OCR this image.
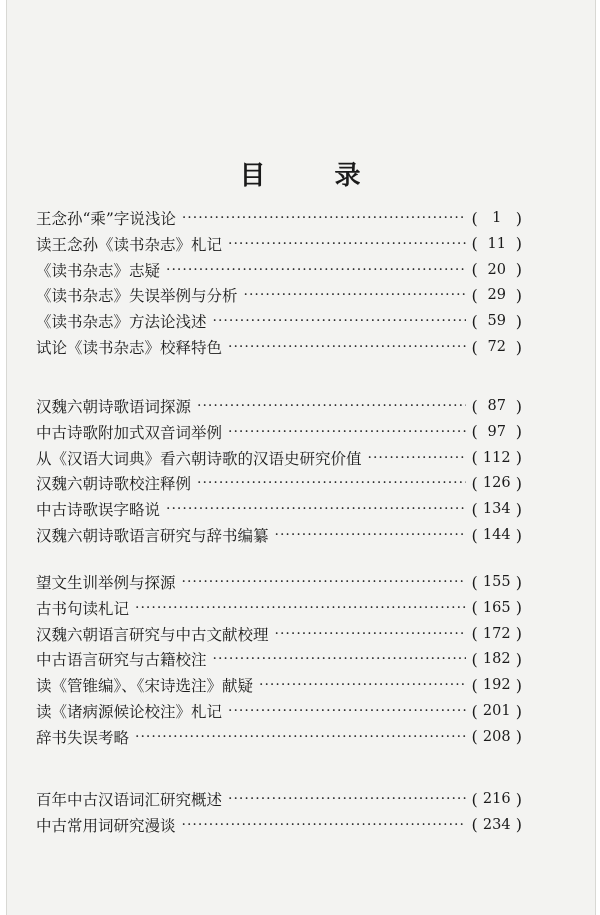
目 录
王念孙“乘”字说浅论 ·····	( 1 )
读王念孙《读书杂志》札记 ·····	( 11 )
《读书杂志》志疑 ·····	( 20 )
《读书杂志》失误举例与分析 ·····	( 29 )
《读书杂志》方法论浅述 ·····	( 59 )
试论《读书杂志》校释特色 ·····	( 72 )
汉魏六朝诗歌语词探源 ·····	( 87 )
中古诗歌附加式双音词举例 ·····	( 97 )
从《汉语大词典》看六朝诗歌的汉语史研究价值 ·····	( 112 )
汉魏六朝诗歌校注释例 ·····	( 126 )
中古诗歌误字略说 ·····	( 134 )
汉魏六朝诗歌语言研究与辞书编纂 ·····	( 144 )
望文生训举例与探源 ·····	( 155 )
古书句读札记 ·····	( 165 )
汉魏六朝语言研究与中古文献校理 ·····	( 172 )
中古语言研究与古籍校注 ·····	( 182 )
读《管锥编》、《宋诗选注》献疑 ·····	( 192 )
读《诸病源候论校注》札记 ·····	( 201 )
辞书失误考略 ·····	( 208 )
百年中古汉语词汇研究概述 ·····	( 216 )
中古常用词研究漫谈 ·····	( 234 )
